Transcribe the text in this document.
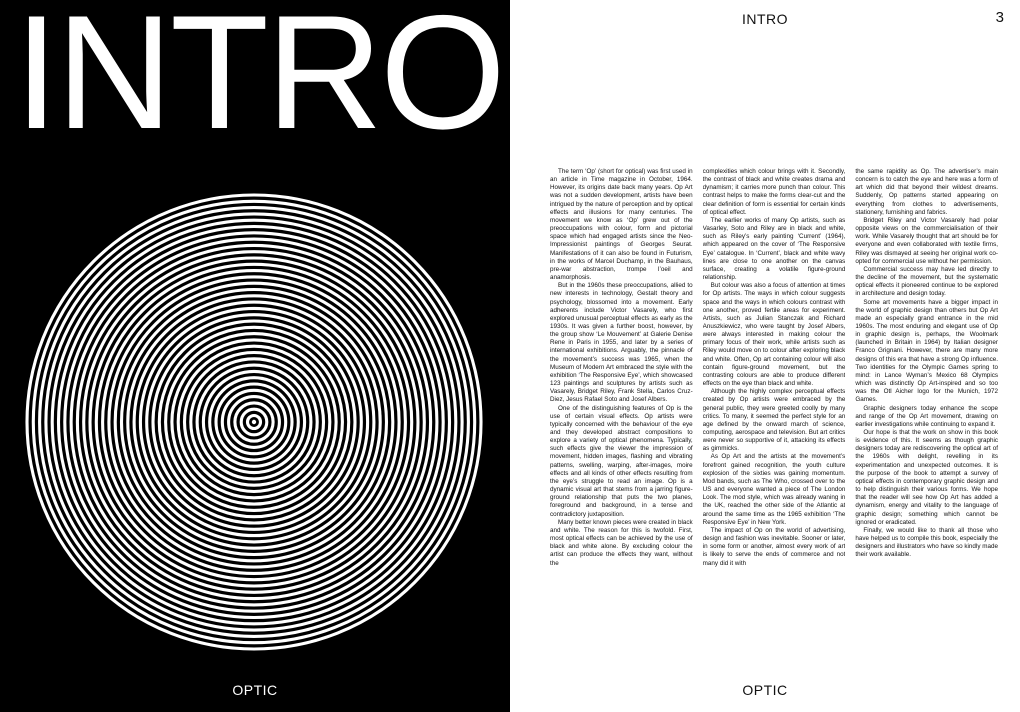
INTRO
OPTIC
INTRO	3

The term ‘Op’ (short for optical) was first used in an article in Time magazine in October, 1964. However, its origins date back many years. Op Art was not a sudden development, artists have been intrigued by the nature of perception and by optical effects and illusions for many centuries. The movement we know as ‘Op’ grew out of the preoccupations with colour, form and pictorial space which had engaged artists since the Neo-Impressionist paintings of Georges Seurat. Manifestations of it can also be found in Futurism, in the works of Marcel Duchamp, in the Bauhaus, pre-war abstraction, trompe l’oeil and anamorphosis.

But in the 1960s these preoccupations, allied to new interests in technology, Gestalt theory and psychology, blossomed into a movement. Early adherents include Victor Vasarely, who first explored unusual perceptual effects as early as the 1930s. It was given a further boost, however, by the group show ‘Le Mouvement’ at Galerie Denise Rene in Paris in 1955, and later by a series of international exhibitions. Arguably, the pinnacle of the movement’s success was 1965, when the Museum of Modern Art embraced the style with the exhibition ‘The Responsive Eye’, which showcased 123 paintings and sculptures by artists such as Vasarely, Bridget Riley, Frank Stella, Carlos Cruz-Diez, Jesus Rafael Soto and Josef Albers.

One of the distinguishing features of Op is the use of certain visual effects. Op artists were typically concerned with the behaviour of the eye and they developed abstract compositions to explore a variety of optical phenomena. Typically, such effects give the viewer the impression of movement, hidden images, flashing and vibrating patterns, swelling, warping, after-images, moire effects and all kinds of other effects resulting from the eye’s struggle to read an image. Op is a dynamic visual art that stems from a jarring figure-ground relationship that puts the two planes, foreground and background, in a tense and contradictory juxtaposition.

Many better known pieces were created in black and white. The reason for this is twofold. First, most optical effects can be achieved by the use of black and white alone. By excluding colour the artist can produce the effects they want, without the

complexities which colour brings with it. Secondly, the contrast of black and white creates drama and dynamism; it carries more punch than colour. This contrast helps to make the forms clear-cut and the clear definition of form is essential for certain kinds of optical effect.

The earlier works of many Op artists, such as Vasarley, Soto and Riley are in black and white, such as Riley’s early painting ‘Current’ (1964), which appeared on the cover of ‘The Responsive Eye’ catalogue. In ‘Current’, black and white wavy lines are close to one another on the canvas surface, creating a volatile figure-ground relationship.

But colour was also a focus of attention at times for Op artists. The ways in which colour suggests space and the ways in which colours contrast with one another, proved fertile areas for experiment. Artists, such as Julian Stanczak and Richard Anuszkiewicz, who were taught by Josef Albers, were always interested in making colour the primary focus of their work, while artists such as Riley would move on to colour after exploring black and white. Often, Op art containing colour will also contain figure-ground movement, but the contrasting colours are able to produce different effects on the eye than black and white.

Although the highly complex perceptual effects created by Op artists were embraced by the general public, they were greeted coolly by many critics. To many, it seemed the perfect style for an age defined by the onward march of science, computing, aerospace and television. But art critics were never so supportive of it, attacking its effects as gimmicks.

As Op Art and the artists at the movement’s forefront gained recognition, the youth culture explosion of the sixties was gaining momentum. Mod bands, such as The Who, crossed over to the US and everyone wanted a piece of The London Look. The mod style, which was already waning in the UK, reached the other side of the Atlantic at around the same time as the 1965 exhibition ‘The Responsive Eye’ in New York.

The impact of Op on the world of advertising, design and fashion was inevitable. Sooner or later, in some form or another, almost every work of art is likely to serve the ends of commerce and not many did it with

the same rapidity as Op. The advertiser’s main concern is to catch the eye and here was a form of art which did that beyond their wildest dreams. Suddenly, Op patterns started appearing on everything from clothes to advertisements, stationery, furnishing and fabrics.

Bridget Riley and Victor Vasarely had polar opposite views on the commercialisation of their work. While Vasarely thought that art should be for everyone and even collaborated with textile firms, Riley was dismayed at seeing her original work co-opted for commercial use without her permission.

Commercial success may have led directly to the decline of the movement, but the systematic optical effects it pioneered continue to be explored in architecture and design today.

Some art movements have a bigger impact in the world of graphic design than others but Op Art made an especially grand entrance in the mid 1960s. The most enduring and elegant use of Op in graphic design is, perhaps, the Woolmark (launched in Britain in 1964) by Italian designer Franco Grignani. However, there are many more designs of this era that have a strong Op influence. Two identities for the Olympic Games spring to mind: in Lance Wyman’s Mexico 68 Olympics which was distinctly Op Art-inspired and so too was the Otl Aicher logo for the Munich, 1972 Games.

Graphic designers today enhance the scope and range of the Op Art movement, drawing on earlier investigations while continuing to expand it.

Our hope is that the work on show in this book is evidence of this. It seems as though graphic designers today are rediscovering the optical art of the 1960s with delight, revelling in its experimentation and unexpected outcomes. It is the purpose of the book to attempt a survey of optical effects in contemporary graphic design and to help distinguish their various forms. We hope that the reader will see how Op Art has added a dynamism, energy and vitality to the language of graphic design; something which cannot be ignored or eradicated.

Finally, we would like to thank all those who have helped us to compile this book, especially the designers and illustrators who have so kindly made their work available.

OPTIC
